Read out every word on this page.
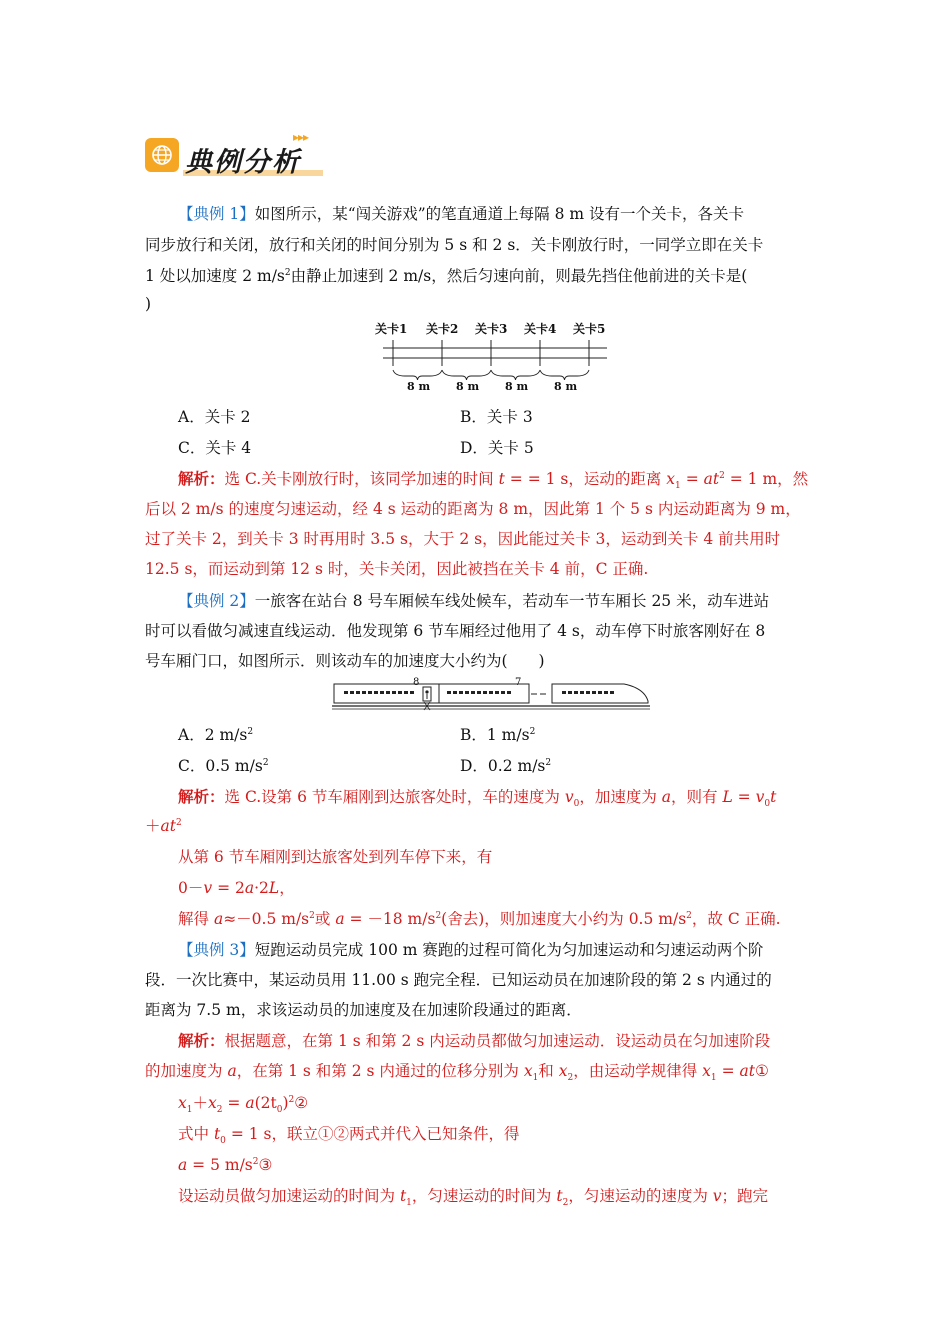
典例分析
▸▸▸
【典例 1】如图所示，某“闯关游戏”的笔直通道上每隔 8 m 设有一个关卡，各关卡
同步放行和关闭，放行和关闭的时间分别为 5 s 和 2 s．关卡刚放行时，一同学立即在关卡
1 处以加速度 2 $m/s^2$由静止加速到 2 m/s，然后匀速向前，则最先挡住他前进的关卡是(
)
关卡1 关卡2 关卡3 关卡4 关卡5
8 m 8 m 8 m 8 m
A．关卡 2	B．关卡 3
C．关卡 4	D．关卡 5
解析：选 C.关卡刚放行时，该同学加速的时间 t = = 1 s，运动的距离 $x_1 = at^2 = 1$ m，然
后以 2 m/s 的速度匀速运动，经 4 s 运动的距离为 8 m，因此第 1 个 5 s 内运动距离为 9 m，
过了关卡 2，到关卡 3 时再用时 3.5 s，大于 2 s，因此能过关卡 3，运动到关卡 4 前共用时
12.5 s，而运动到第 12 s 时，关卡关闭，因此被挡在关卡 4 前，C 正确.
【典例 2】一旅客在站台 8 号车厢候车线处候车，若动车一节车厢长 25 米，动车进站
时可以看做匀减速直线运动．他发现第 6 节车厢经过他用了 4 s，动车停下时旅客刚好在 8
号车厢门口，如图所示．则该动车的加速度大小约为(　　)
8	7
A．2 $m/s^2$	B．1 $m/s^2$
C．0.5 $m/s^2$	D．0.2 $m/s^2$
解析：选 C.设第 6 节车厢刚到达旅客处时，车的速度为 $v_0$，加速度为 a，则有 $L = v_0t$
$+at^2$
从第 6 节车厢刚到达旅客处到列车停下来，有
0－v = 2a·2L，
解得 a≈－0.5 $m/s^2$或 a = －18 $m/s^2$(舍去)，则加速度大小约为 0.5 $m/s^2$，故 C 正确.
【典例 3】短跑运动员完成 100 m 赛跑的过程可简化为匀加速运动和匀速运动两个阶
段．一次比赛中，某运动员用 11.00 s 跑完全程．已知运动员在加速阶段的第 2 s 内通过的
距离为 7.5 m，求该运动员的加速度及在加速阶段通过的距离．
解析：根据题意，在第 1 s 和第 2 s 内运动员都做匀加速运动．设运动员在匀加速阶段
的加速度为 a，在第 1 s 和第 2 s 内通过的位移分别为 $x_1$和 $x_2$，由运动学规律得 $x_1$ = at①
$x_1+x_2$ = $a(2t_0)^2②$
式中 $t_0 = 1$ s，联立①②两式并代入已知条件，得
a = 5 $m/s^2③$
设运动员做匀加速运动的时间为 $t_1$，匀速运动的时间为 $t_2$，匀速运动的速度为 v；跑完
